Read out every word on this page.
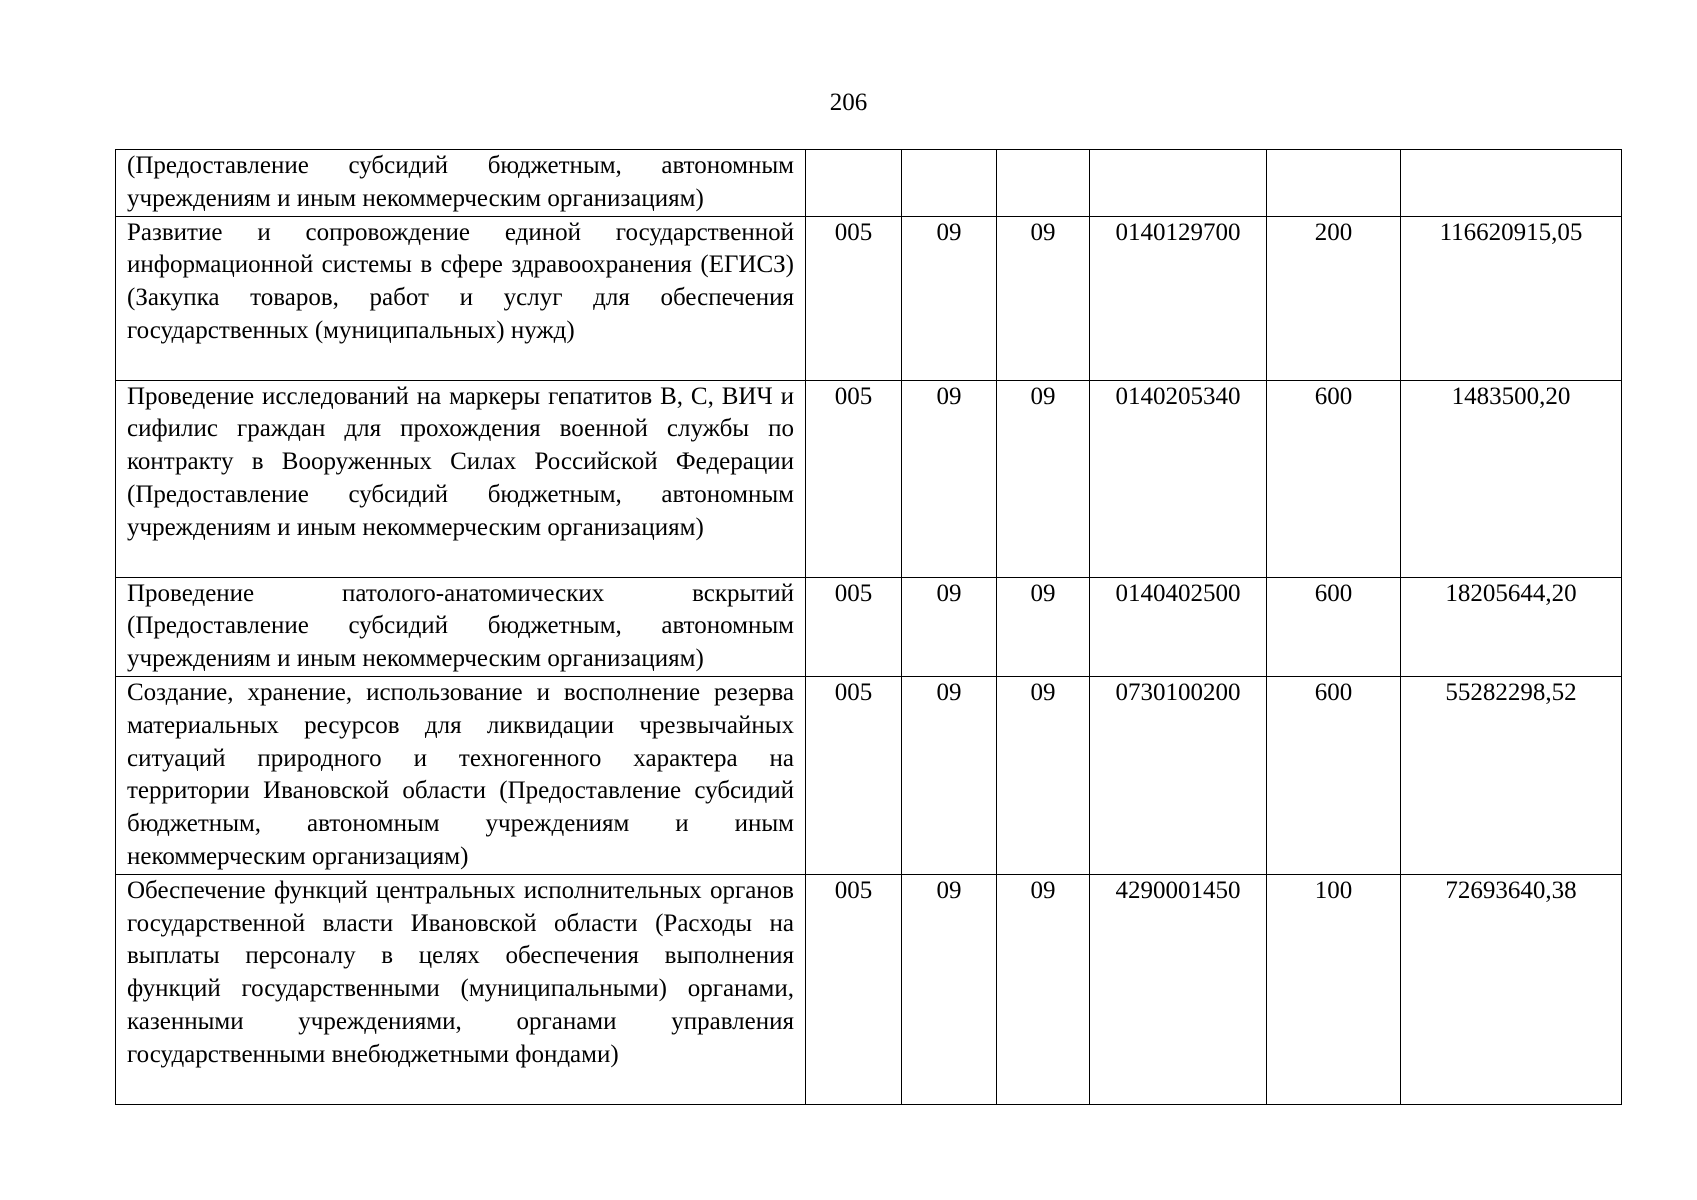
206
(Предоставление субсидий бюджетным, автономным учреждениям и иным некоммерческим организациям)						
Развитие и сопровождение единой государственной информационной системы в сфере здравоохранения (ЕГИСЗ) (Закупка товаров, работ и услуг для обеспечения государственных (муниципальных) нужд)	005	09	09	0140129700	200	116620915,05
Проведение исследований на маркеры гепатитов В, С, ВИЧ и сифилис граждан для прохождения военной службы по контракту в Вооруженных Силах Российской Федерации (Предоставление субсидий бюджетным, автономным учреждениям и иным некоммерческим организациям)	005	09	09	0140205340	600	1483500,20
Проведение патолого-анатомических вскрытий (Предоставление субсидий бюджетным, автономным учреждениям и иным некоммерческим организациям)	005	09	09	0140402500	600	18205644,20
Создание, хранение, использование и восполнение резерва материальных ресурсов для ликвидации чрезвычайных ситуаций природного и техногенного характера на территории Ивановской области (Предоставление субсидий бюджетным, автономным учреждениям и иным некоммерческим организациям)	005	09	09	0730100200	600	55282298,52
Обеспечение функций центральных исполнительных органов государственной власти Ивановской области (Расходы на выплаты персоналу в целях обеспечения выполнения функций государственными (муниципальными) органами, казенными учреждениями, органами управления государственными внебюджетными фондами)	005	09	09	4290001450	100	72693640,38
